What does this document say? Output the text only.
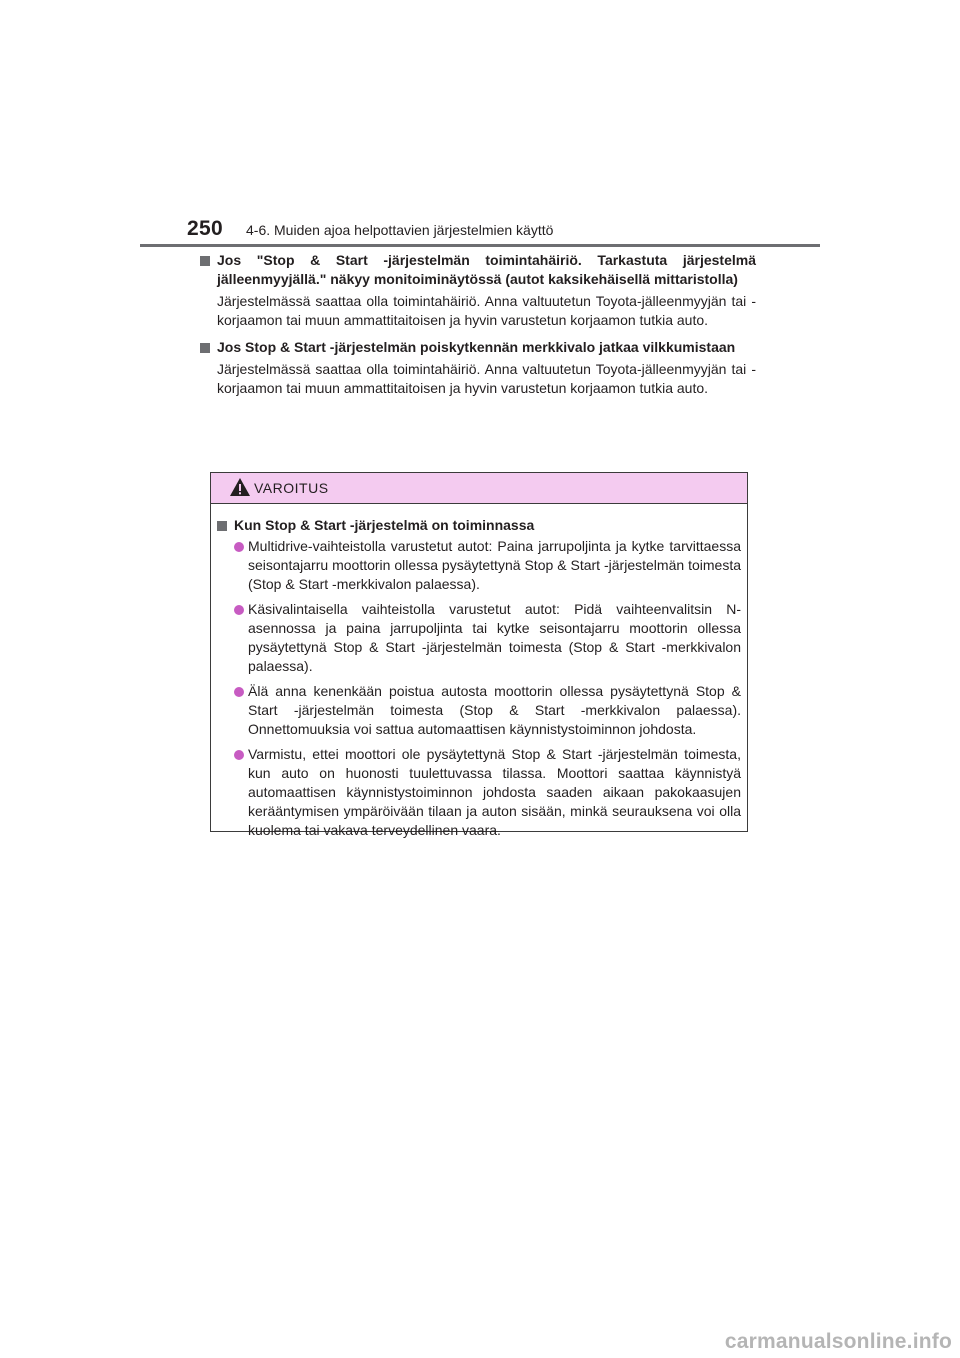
250 4-6. Muiden ajoa helpottavien järjestelmien käyttö
Jos "Stop & Start -järjestelmän toimintahäiriö. Tarkastuta järjestelmä jälleenmyyjällä." näkyy monitoiminäytössä (autot kaksikehäisellä mittaristolla)
Järjestelmässä saattaa olla toimintahäiriö. Anna valtuutetun Toyota-jälleenmyyjän tai -korjaamon tai muun ammattitaitoisen ja hyvin varustetun korjaamon tutkia auto.
Jos Stop & Start -järjestelmän poiskytkennän merkkivalo jatkaa vilkkumistaan
Järjestelmässä saattaa olla toimintahäiriö. Anna valtuutetun Toyota-jälleenmyyjän tai -korjaamon tai muun ammattitaitoisen ja hyvin varustetun korjaamon tutkia auto.
VAROITUS
Kun Stop & Start -järjestelmä on toiminnassa
Multidrive-vaihteistolla varustetut autot: Paina jarrupoljinta ja kytke tarvittaessa seisontajarru moottorin ollessa pysäytettynä Stop & Start -järjestelmän toimesta (Stop & Start -merkkivalon palaessa).
Käsivalintaisella vaihteistolla varustetut autot: Pidä vaihteenvalitsin N-asennossa ja paina jarrupoljinta tai kytke seisontajarru moottorin ollessa pysäytettynä Stop & Start -järjestelmän toimesta (Stop & Start -merkkivalon palaessa).
Älä anna kenenkään poistua autosta moottorin ollessa pysäytettynä Stop & Start -järjestelmän toimesta (Stop & Start -merkkivalon palaessa). Onnettomuuksia voi sattua automaattisen käynnistystoiminnon johdosta.
Varmistu, ettei moottori ole pysäytettynä Stop & Start -järjestelmän toimesta, kun auto on huonosti tuulettuvassa tilassa. Moottori saattaa käynnistyä automaattisen käynnistystoiminnon johdosta saaden aikaan pakokaasujen kerääntymisen ympäröivään tilaan ja auton sisään, minkä seurauksena voi olla kuolema tai vakava terveydellinen vaara.
carmanualsonline.info
